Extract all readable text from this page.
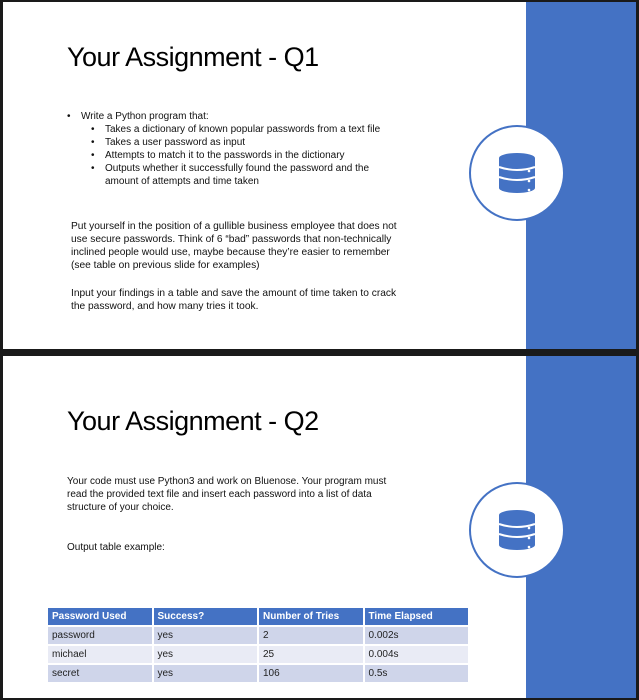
Your Assignment - Q1
• Write a Python program that:
• Takes a dictionary of known popular passwords from a text file
• Takes a user password as input
• Attempts to match it to the passwords in the dictionary
• Outputs whether it successfully found the password and the amount of attempts and time taken

Put yourself in the position of a gullible business employee that does not use secure passwords. Think of 6 “bad” passwords that non-technically inclined people would use, maybe because they’re easier to remember (see table on previous slide for examples)

Input your findings in a table and save the amount of time taken to crack the password, and how many tries it took.

Your Assignment - Q2

Your code must use Python3 and work on Bluenose. Your program must read the provided text file and insert each password into a list of data structure of your choice.

Output table example:

Password Used	Success?	Number of Tries	Time Elapsed
password	yes	2	0.002s
michael	yes	25	0.004s
secret	yes	106	0.5s
